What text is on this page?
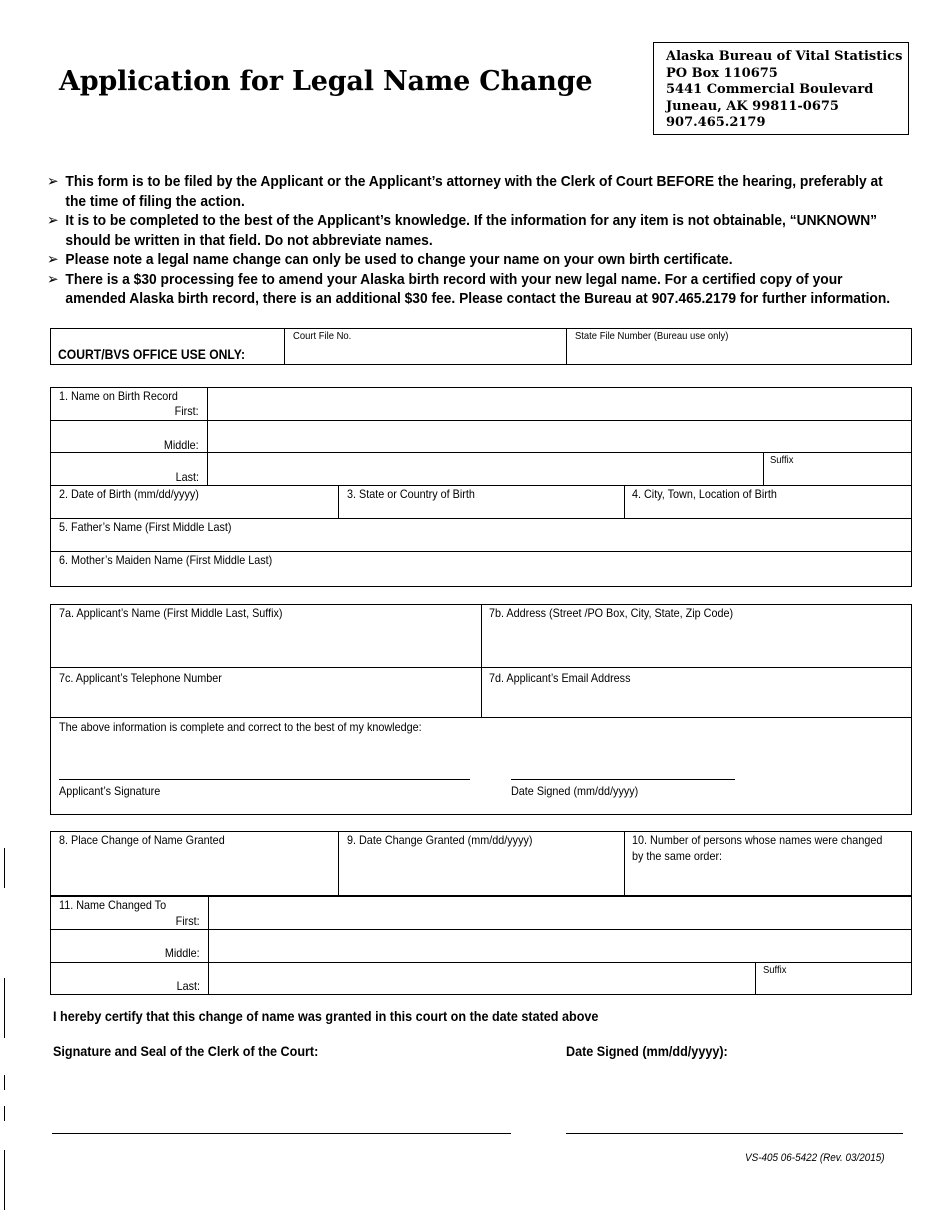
Application for Legal Name Change
Alaska Bureau of Vital Statistics
PO Box 110675
5441 Commercial Boulevard
Juneau, AK 99811-0675
907.465.2179
➢ This form is to be filed by the Applicant or the Applicant’s attorney with the Clerk of Court BEFORE the hearing, preferably at
the time of filing the action.
➢ It is to be completed to the best of the Applicant’s knowledge. If the information for any item is not obtainable, “UNKNOWN”
should be written in that field. Do not abbreviate names.
➢ Please note a legal name change can only be used to change your name on your own birth certificate.
➢ There is a $30 processing fee to amend your Alaska birth record with your new legal name. For a certified copy of your
amended Alaska birth record, there is an additional $30 fee. Please contact the Bureau at 907.465.2179 for further information.
COURT/BVS OFFICE USE ONLY:
Court File No.	State File Number (Bureau use only)
1. Name on Birth Record
First:
Middle:
Last:
Suffix
2. Date of Birth (mm/dd/yyyy)	3. State or Country of Birth	4. City, Town, Location of Birth
5. Father’s Name (First Middle Last)
6. Mother’s Maiden Name (First Middle Last)
7a. Applicant’s Name (First Middle Last, Suffix)	7b. Address (Street /PO Box, City, State, Zip Code)
7c. Applicant’s Telephone Number	7d. Applicant’s Email Address
The above information is complete and correct to the best of my knowledge:
Applicant’s Signature	Date Signed (mm/dd/yyyy)
8. Place Change of Name Granted	9. Date Change Granted (mm/dd/yyyy)	10. Number of persons whose names were changed
by the same order:
11. Name Changed To
First:
Middle:
Last:
Suffix
I hereby certify that this change of name was granted in this court on the date stated above
Signature and Seal of the Clerk of the Court:	Date Signed (mm/dd/yyyy):
VS-405 06-5422 (Rev. 03/2015)
